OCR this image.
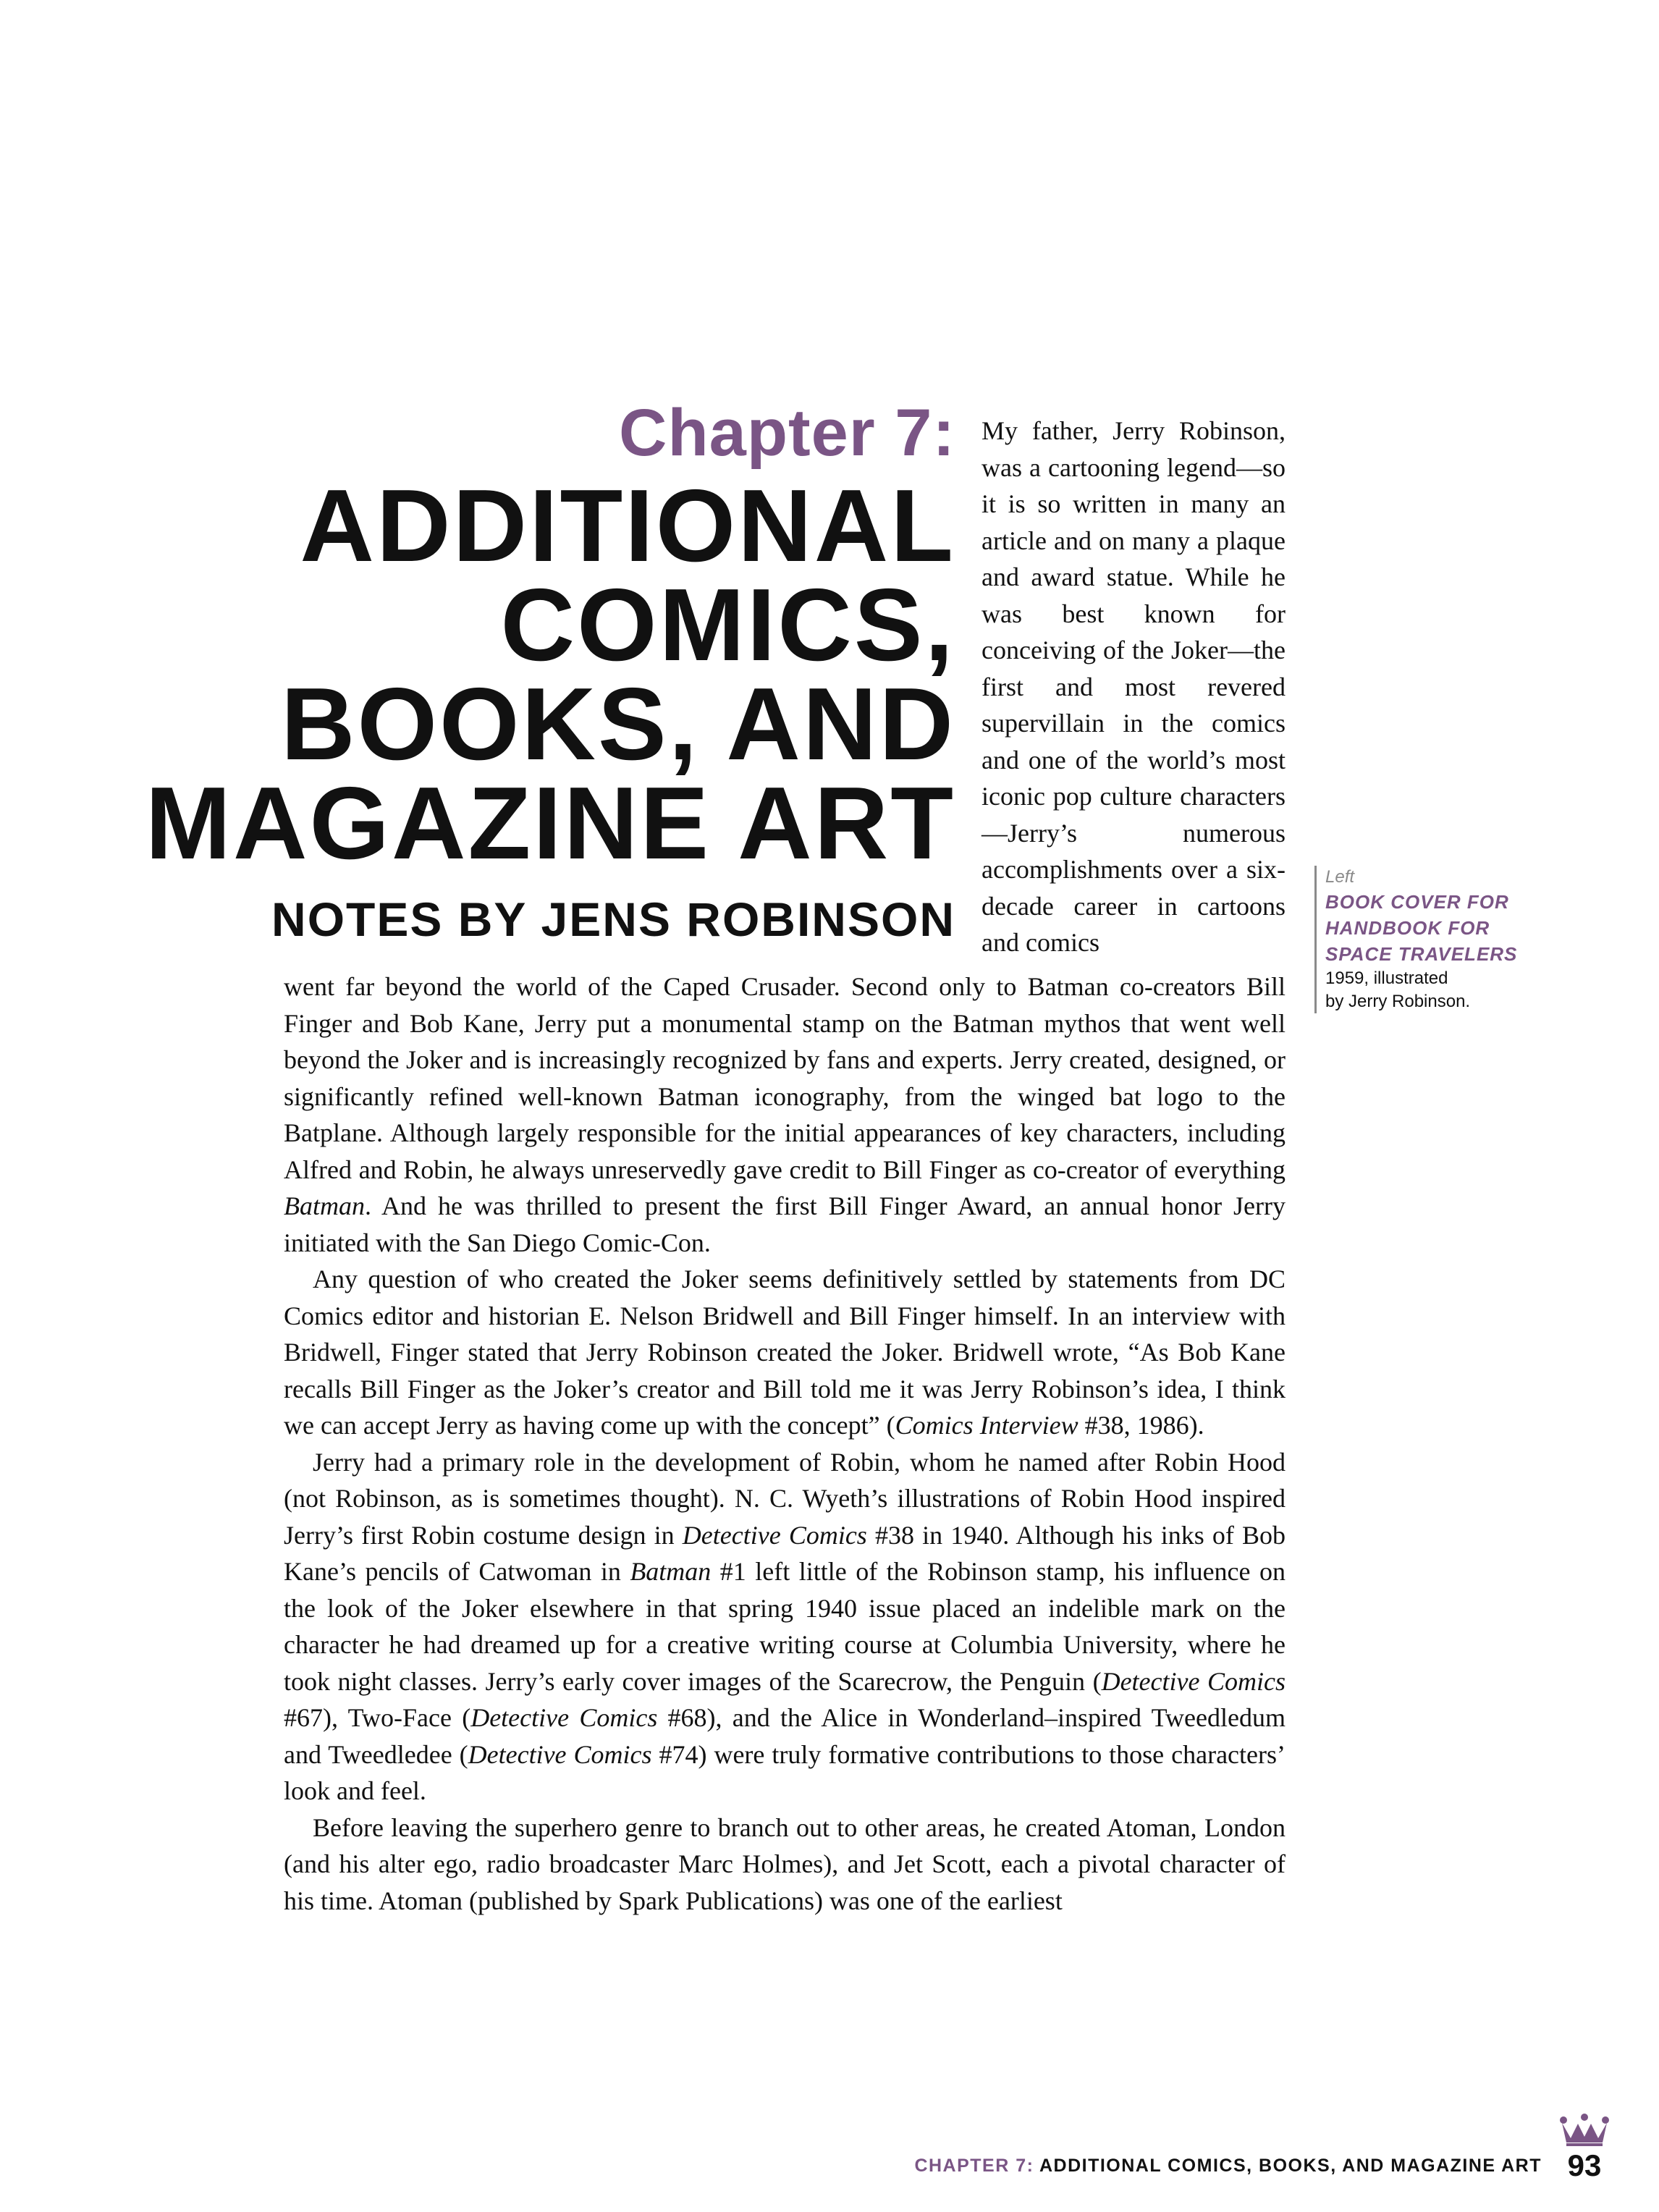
Chapter 7:
ADDITIONAL
COMICS,
BOOKS, AND
MAGAZINE ART
NOTES BY JENS ROBINSON
My father, Jerry Robinson, was a cartooning legend—so it is so written in many an article and on many a plaque and award statue. While he was best known for conceiving of the Joker—the first and most revered supervillain in the comics and one of the world’s most iconic pop culture characters—Jerry’s numerous accomplishments over a six-decade career in cartoons and comics

went far beyond the world of the Caped Crusader. Second only to Batman co-creators Bill Finger and Bob Kane, Jerry put a monumental stamp on the Batman mythos that went well beyond the Joker and is increasingly recognized by fans and experts. Jerry created, designed, or significantly refined well-known Batman iconography, from the winged bat logo to the Batplane. Although largely responsible for the initial appearances of key characters, including Alfred and Robin, he always unreservedly gave credit to Bill Finger as co-creator of everything Batman. And he was thrilled to present the first Bill Finger Award, an annual honor Jerry initiated with the San Diego Comic-Con.

Any question of who created the Joker seems definitively settled by statements from DC Comics editor and historian E. Nelson Bridwell and Bill Finger himself. In an interview with Bridwell, Finger stated that Jerry Robinson created the Joker. Bridwell wrote, “As Bob Kane recalls Bill Finger as the Joker’s creator and Bill told me it was Jerry Robinson’s idea, I think we can accept Jerry as having come up with the concept” (Comics Interview #38, 1986).

Jerry had a primary role in the development of Robin, whom he named after Robin Hood (not Robinson, as is sometimes thought). N. C. Wyeth’s illustrations of Robin Hood inspired Jerry’s first Robin costume design in Detective Comics #38 in 1940. Although his inks of Bob Kane’s pencils of Catwoman in Batman #1 left little of the Robinson stamp, his influence on the look of the Joker elsewhere in that spring 1940 issue placed an indelible mark on the character he had dreamed up for a creative writing course at Columbia University, where he took night classes. Jerry’s early cover images of the Scarecrow, the Penguin (Detective Comics #67), Two-Face (Detective Comics #68), and the Alice in Wonderland–inspired Tweedledum and Tweedledee (Detective Comics #74) were truly formative contributions to those characters’ look and feel.

Before leaving the superhero genre to branch out to other areas, he created Atoman, London (and his alter ego, radio broadcaster Marc Holmes), and Jet Scott, each a pivotal character of his time. Atoman (published by Spark Publications) was one of the earliest

Left
BOOK COVER FOR
HANDBOOK FOR
SPACE TRAVELERS
1959, illustrated
by Jerry Robinson.
CHAPTER 7: ADDITIONAL COMICS, BOOKS, AND MAGAZINE ART 93
